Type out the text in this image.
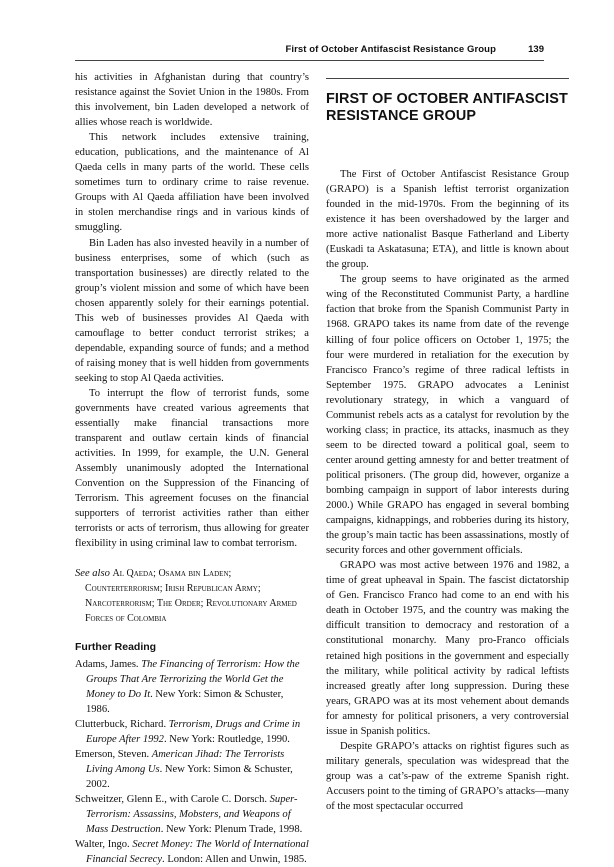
First of October Antifascist Resistance Group	139

his activities in Afghanistan during that country’s resistance against the Soviet Union in the 1980s. From this involvement, bin Laden developed a network of allies whose reach is worldwide.

This network includes extensive training, education, publications, and the maintenance of Al Qaeda cells in many parts of the world. These cells sometimes turn to ordinary crime to raise revenue. Groups with Al Qaeda affiliation have been involved in stolen merchandise rings and in various kinds of smuggling.

Bin Laden has also invested heavily in a number of business enterprises, some of which (such as transportation businesses) are directly related to the group’s violent mission and some of which have been chosen apparently solely for their earnings potential. This web of businesses provides Al Qaeda with camouflage to better conduct terrorist strikes; a dependable, expanding source of funds; and a method of raising money that is well hidden from governments seeking to stop Al Qaeda activities.

To interrupt the flow of terrorist funds, some governments have created various agreements that essentially make financial transactions more transparent and outlaw certain kinds of financial activities. In 1999, for example, the U.N. General Assembly unanimously adopted the International Convention on the Suppression of the Financing of Terrorism. This agreement focuses on the financial supporters of terrorist activities rather than either terrorists or acts of terrorism, thus allowing for greater flexibility in using criminal law to combat terrorism.

See also Al Qaeda; Osama bin Laden; Counterterrorism; Irish Republican Army; Narcoterrorism; The Order; Revolutionary Armed Forces of Colombia

Further Reading

Adams, James. The Financing of Terrorism: How the Groups That Are Terrorizing the World Get the Money to Do It. New York: Simon & Schuster, 1986.

Clutterbuck, Richard. Terrorism, Drugs and Crime in Europe After 1992. New York: Routledge, 1990.

Emerson, Steven. American Jihad: The Terrorists Living Among Us. New York: Simon & Schuster, 2002.

Schweitzer, Glenn E., with Carole C. Dorsch. Super-Terrorism: Assassins, Mobsters, and Weapons of Mass Destruction. New York: Plenum Trade, 1998.

Walter, Ingo. Secret Money: The World of International Financial Secrecy. London: Allen and Unwin, 1985.

FIRST OF OCTOBER ANTIFASCIST RESISTANCE GROUP

The First of October Antifascist Resistance Group (GRAPO) is a Spanish leftist terrorist organization founded in the mid-1970s. From the beginning of its existence it has been overshadowed by the larger and more active nationalist Basque Fatherland and Liberty (Euskadi ta Askatasuna; ETA), and little is known about the group.

The group seems to have originated as the armed wing of the Reconstituted Communist Party, a hardline faction that broke from the Spanish Communist Party in 1968. GRAPO takes its name from date of the revenge killing of four police officers on October 1, 1975; the four were murdered in retaliation for the execution by Francisco Franco’s regime of three radical leftists in September 1975. GRAPO advocates a Leninist revolutionary strategy, in which a vanguard of Communist rebels acts as a catalyst for revolution by the working class; in practice, its attacks, inasmuch as they seem to be directed toward a political goal, seem to center around getting amnesty for and better treatment of political prisoners. (The group did, however, organize a bombing campaign in support of labor interests during 2000.) While GRAPO has engaged in several bombing campaigns, kidnappings, and robberies during its history, the group’s main tactic has been assassinations, mostly of security forces and other government officials.

GRAPO was most active between 1976 and 1982, a time of great upheaval in Spain. The fascist dictatorship of Gen. Francisco Franco had come to an end with his death in October 1975, and the country was making the difficult transition to democracy and restoration of a constitutional monarchy. Many pro-Franco officials retained high positions in the government and especially the military, while political activity by radical leftists increased greatly after long suppression. During these years, GRAPO was at its most vehement about demands for amnesty for political prisoners, a very controversial issue in Spanish politics.

Despite GRAPO’s attacks on rightist figures such as military generals, speculation was widespread that the group was a cat’s-paw of the extreme Spanish right. Accusers point to the timing of GRAPO’s attacks—many of the most spectacular occurred
